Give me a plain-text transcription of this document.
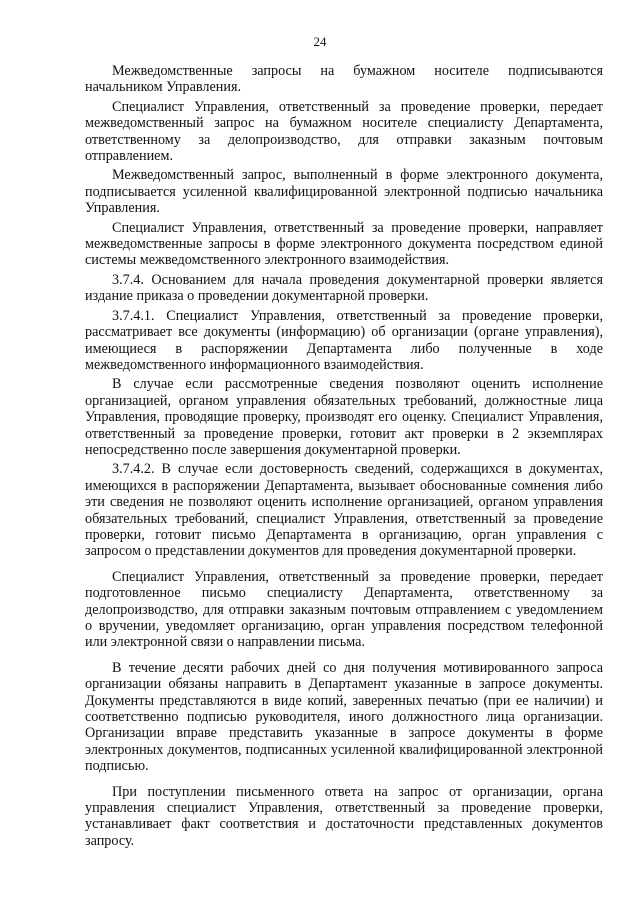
24

Межведомственные запросы на бумажном носителе подписываются начальником Управления.

Специалист Управления, ответственный за проведение проверки, передает межведомственный запрос на бумажном носителе специалисту Департамента, ответственному за делопроизводство, для отправки заказным почтовым отправлением.

Межведомственный запрос, выполненный в форме электронного документа, подписывается усиленной квалифицированной электронной подписью начальника Управления.

Специалист Управления, ответственный за проведение проверки, направляет межведомственные запросы в форме электронного документа посредством единой системы межведомственного электронного взаимодействия.

3.7.4. Основанием для начала проведения документарной проверки является издание приказа о проведении документарной проверки.

3.7.4.1. Специалист Управления, ответственный за проведение проверки, рассматривает все документы (информацию) об организации (органе управления), имеющиеся в распоряжении Департамента либо полученные в ходе межведомственного информационного взаимодействия.

В случае если рассмотренные сведения позволяют оценить исполнение организацией, органом управления обязательных требований, должностные лица Управления, проводящие проверку, производят его оценку. Специалист Управления, ответственный за проведение проверки, готовит акт проверки в 2 экземплярах непосредственно после завершения документарной проверки.

3.7.4.2. В случае если достоверность сведений, содержащихся в документах, имеющихся в распоряжении Департамента, вызывает обоснованные сомнения либо эти сведения не позволяют оценить исполнение организацией, органом управления обязательных требований, специалист Управления, ответственный за проведение проверки, готовит письмо Департамента в организацию, орган управления с запросом о представлении документов для проведения документарной проверки.

Специалист Управления, ответственный за проведение проверки, передает подготовленное письмо специалисту Департамента, ответственному за делопроизводство, для отправки заказным почтовым отправлением с уведомлением о вручении, уведомляет организацию, орган управления посредством телефонной или электронной связи о направлении письма.

В течение десяти рабочих дней со дня получения мотивированного запроса организации обязаны направить в Департамент указанные в запросе документы. Документы представляются в виде копий, заверенных печатью (при ее наличии) и соответственно подписью руководителя, иного должностного лица организации. Организации вправе представить указанные в запросе документы в форме электронных документов, подписанных усиленной квалифицированной электронной подписью.

При поступлении письменного ответа на запрос от организации, органа управления специалист Управления, ответственный за проведение проверки, устанавливает факт соответствия и достаточности представленных документов запросу.
